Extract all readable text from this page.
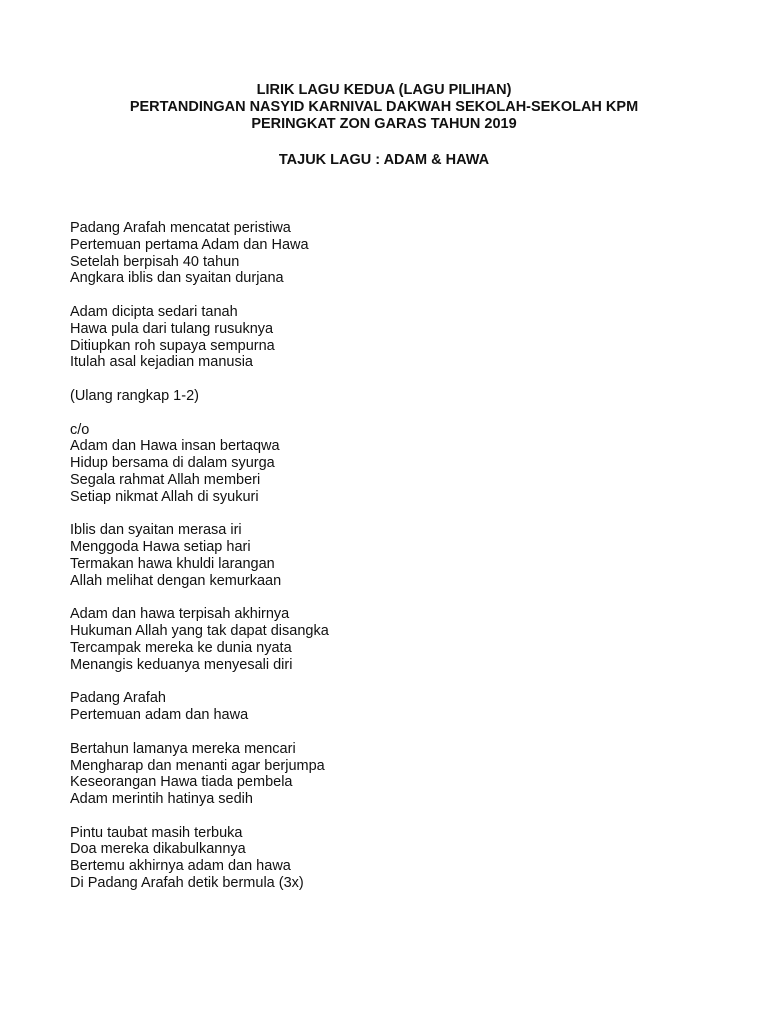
LIRIK LAGU KEDUA (LAGU PILIHAN)
PERTANDINGAN NASYID KARNIVAL DAKWAH SEKOLAH-SEKOLAH KPM
PERINGKAT ZON GARAS TAHUN 2019
TAJUK LAGU : ADAM & HAWA
Padang Arafah mencatat peristiwa
Pertemuan pertama Adam dan Hawa
Setelah berpisah 40 tahun
Angkara iblis dan syaitan durjana
Adam dicipta sedari tanah
Hawa pula dari tulang rusuknya
Ditiupkan roh supaya sempurna
Itulah asal kejadian manusia
(Ulang rangkap 1-2)
c/o
Adam dan Hawa insan bertaqwa
Hidup bersama di dalam syurga
Segala rahmat Allah memberi
Setiap nikmat Allah di syukuri
Iblis dan syaitan merasa iri
Menggoda Hawa setiap hari
Termakan hawa khuldi larangan
Allah melihat dengan kemurkaan
Adam dan hawa terpisah akhirnya
Hukuman Allah yang tak dapat disangka
Tercampak mereka ke dunia nyata
Menangis keduanya menyesali diri
Padang Arafah
Pertemuan adam dan hawa
Bertahun lamanya mereka mencari
Mengharap dan menanti agar berjumpa
Keseorangan Hawa tiada pembela
Adam merintih hatinya sedih
Pintu taubat masih terbuka
Doa mereka dikabulkannya
Bertemu akhirnya adam dan hawa
Di Padang Arafah detik bermula (3x)
